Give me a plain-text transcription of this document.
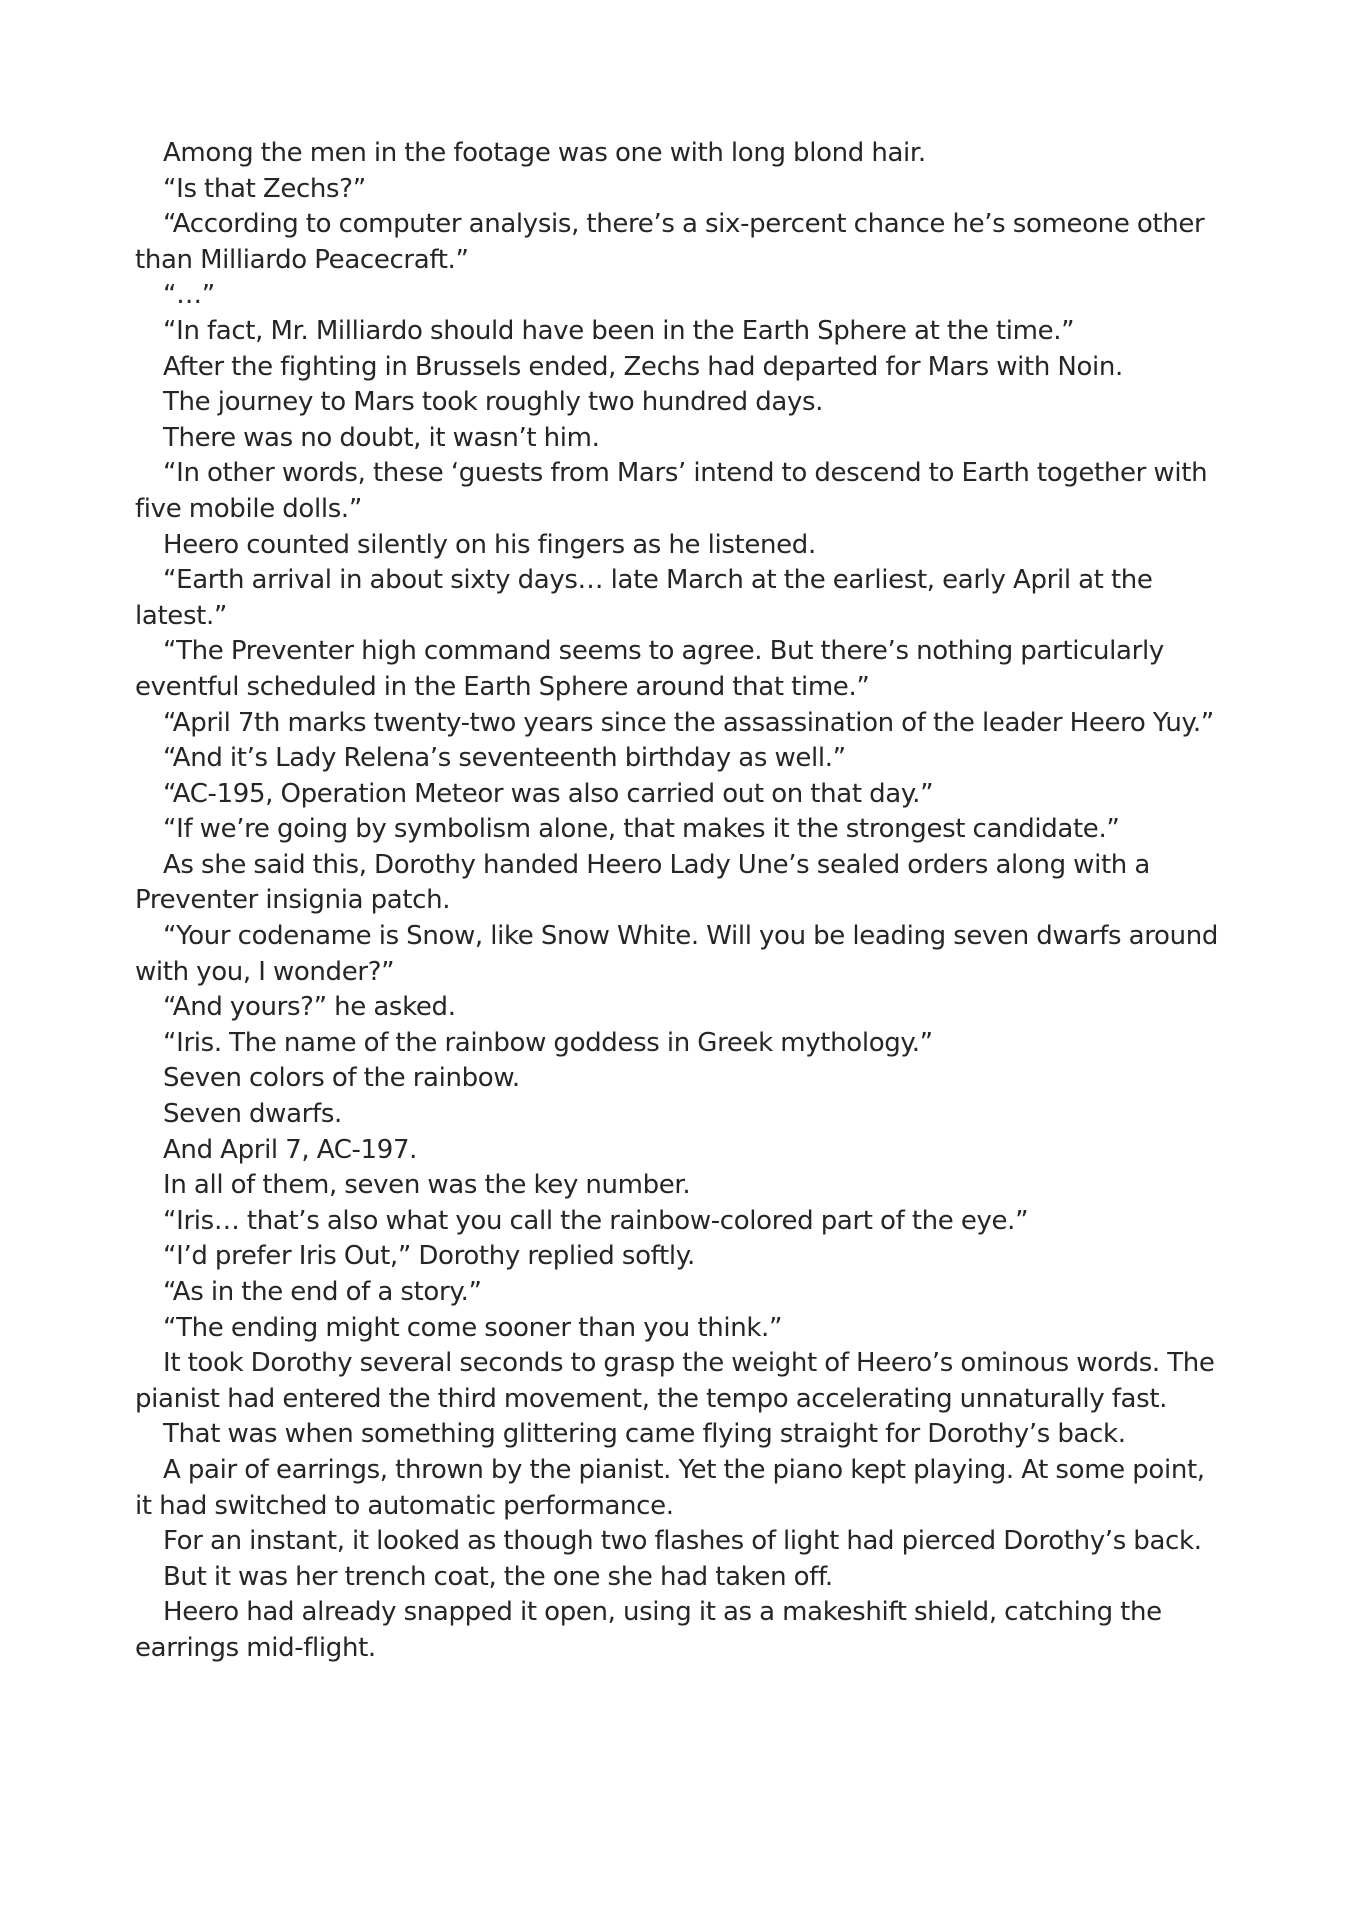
Among the men in the footage was one with long blond hair.

“Is that Zechs?”

“According to computer analysis, there’s a six-percent chance he’s someone other than Milliardo Peacecraft.”

“…”

“In fact, Mr. Milliardo should have been in the Earth Sphere at the time.”

After the fighting in Brussels ended, Zechs had departed for Mars with Noin.

The journey to Mars took roughly two hundred days.

There was no doubt, it wasn’t him.

“In other words, these ‘guests from Mars’ intend to descend to Earth together with five mobile dolls.”

Heero counted silently on his fingers as he listened.

“Earth arrival in about sixty days… late March at the earliest, early April at the latest.”

“The Preventer high command seems to agree. But there’s nothing particularly eventful scheduled in the Earth Sphere around that time.”

“April 7th marks twenty-two years since the assassination of the leader Heero Yuy.”

“And it’s Lady Relena’s seventeenth birthday as well.”

“AC-195, Operation Meteor was also carried out on that day.”

“If we’re going by symbolism alone, that makes it the strongest candidate.”

As she said this, Dorothy handed Heero Lady Une’s sealed orders along with a Preventer insignia patch.

“Your codename is Snow, like Snow White. Will you be leading seven dwarfs around with you, I wonder?”

“And yours?” he asked.

“Iris. The name of the rainbow goddess in Greek mythology.”

Seven colors of the rainbow.

Seven dwarfs.

And April 7, AC-197.

In all of them, seven was the key number.

“Iris… that’s also what you call the rainbow-colored part of the eye.”

“I’d prefer Iris Out,” Dorothy replied softly.

“As in the end of a story.”

“The ending might come sooner than you think.”

It took Dorothy several seconds to grasp the weight of Heero’s ominous words. The pianist had entered the third movement, the tempo accelerating unnaturally fast.

That was when something glittering came flying straight for Dorothy’s back.

A pair of earrings, thrown by the pianist. Yet the piano kept playing. At some point, it had switched to automatic performance.

For an instant, it looked as though two flashes of light had pierced Dorothy’s back.

But it was her trench coat, the one she had taken off.

Heero had already snapped it open, using it as a makeshift shield, catching the earrings mid-flight.
